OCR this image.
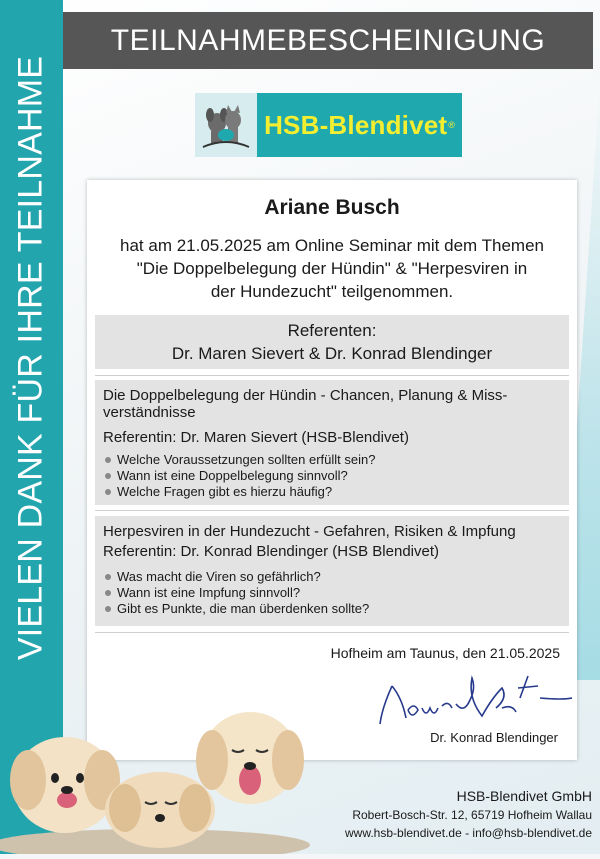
VIELEN DANK FÜR IHRE TEILNAHME
TEILNAHMEBESCHEINIGUNG
HSB-Blendivet ®
Ariane Busch
hat am 21.05.2025 am Online Seminar mit dem Themen
"Die Doppelbelegung der Hündin" & "Herpesviren in
der Hundezucht" teilgenommen.
Referenten:
Dr. Maren Sievert & Dr. Konrad Blendinger
Die Doppelbelegung der Hündin - Chancen, Planung & Miss-verständnisse
Referentin: Dr. Maren Sievert (HSB-Blendivet)
Welche Voraussetzungen sollten erfüllt sein?
Wann ist eine Doppelbelegung sinnvoll?
Welche Fragen gibt es hierzu häufig?
Herpesviren in der Hundezucht - Gefahren, Risiken & Impfung
Referentin: Dr. Konrad Blendinger (HSB Blendivet)
Was macht die Viren so gefährlich?
Wann ist eine Impfung sinnvoll?
Gibt es Punkte, die man überdenken sollte?
Hofheim am Taunus, den 21.05.2025
Dr. Konrad Blendinger
HSB-Blendivet GmbH
Robert-Bosch-Str. 12, 65719 Hofheim Wallau
www.hsb-blendivet.de - info@hsb-blendivet.de
